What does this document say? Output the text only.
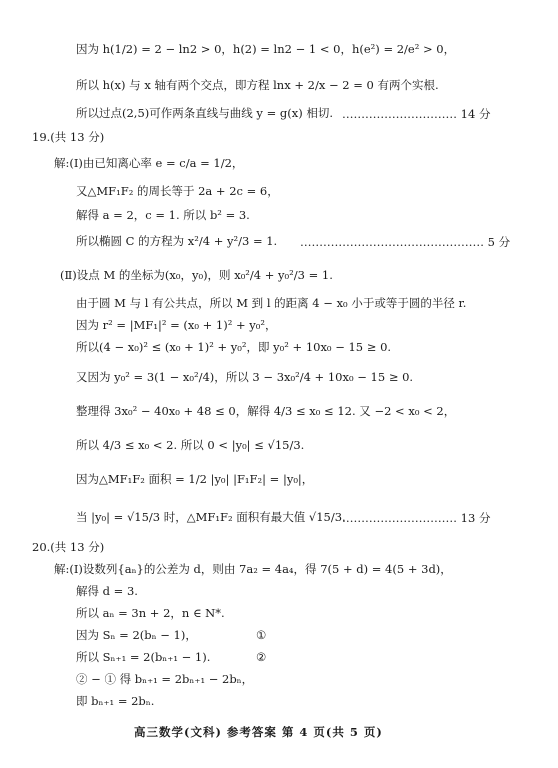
因为 h(1/2) = 2 − ln2 > 0，h(2) = ln2 − 1 < 0，h(e²) = 2/e² > 0，
所以 h(x) 与 x 轴有两个交点，即方程 lnx + 2/x − 2 = 0 有两个实根.
所以过点(2,5)可作两条直线与曲线 y = g(x) 相切. ………………………… 14 分
19.(共 13 分)
解:(Ⅰ)由已知离心率 e = c/a = 1/2，
又△MF₁F₂ 的周长等于 2a + 2c = 6，
解得 a = 2，c = 1. 所以 b² = 3.
所以椭圆 C 的方程为 x²/4 + y²/3 = 1. ………………………………………… 5 分
(Ⅱ)设点 M 的坐标为(x₀，y₀)，则 x₀²/4 + y₀²/3 = 1.
由于圆 M 与 l 有公共点，所以 M 到 l 的距离 4 − x₀ 小于或等于圆的半径 r.
因为 r² = |MF₁|² = (x₀ + 1)² + y₀²，
所以(4 − x₀)² ≤ (x₀ + 1)² + y₀²，即 y₀² + 10x₀ − 15 ≥ 0.
又因为 y₀² = 3(1 − x₀²/4)，所以 3 − 3x₀²/4 + 10x₀ − 15 ≥ 0.
整理得 3x₀² − 40x₀ + 48 ≤ 0，解得 4/3 ≤ x₀ ≤ 12. 又 −2 < x₀ < 2，
所以 4/3 ≤ x₀ < 2. 所以 0 < |y₀| ≤ √15/3.
因为△MF₁F₂ 面积 = 1/2 |y₀| |F₁F₂| = |y₀|，
当 |y₀| = √15/3 时，△MF₁F₂ 面积有最大值 √15/3.
………………………… 13 分
20.(共 13 分)
解:(Ⅰ)设数列{aₙ}的公差为 d，则由 7a₂ = 4a₄，得 7(5 + d) = 4(5 + 3d)，
解得 d = 3.
所以 aₙ = 3n + 2，n ∈ N*.
因为 Sₙ = 2(bₙ − 1)，	①
所以 Sₙ₊₁ = 2(bₙ₊₁ − 1).	②
② − ① 得 bₙ₊₁ = 2bₙ₊₁ − 2bₙ，
即 bₙ₊₁ = 2bₙ.
高三数学(文科) 参考答案 第 4 页(共 5 页)
